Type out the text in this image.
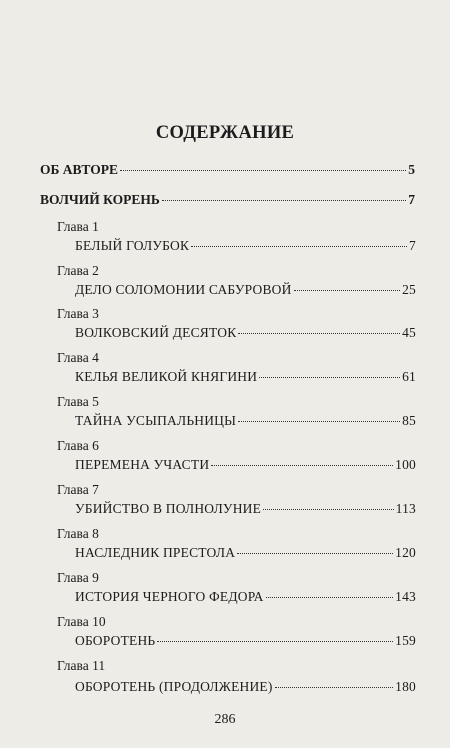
СОДЕРЖАНИЕ
ОБ АВТОРЕ	5
ВОЛЧИЙ КОРЕНЬ	7
Глава 1
БЕЛЫЙ ГОЛУБОК	7
Глава 2
ДЕЛО СОЛОМОНИИ САБУРОВОЙ	25
Глава 3
ВОЛКОВСКИЙ ДЕСЯТОК	45
Глава 4
КЕЛЬЯ ВЕЛИКОЙ КНЯГИНИ	61
Глава 5
ТАЙНА УСЫПАЛЬНИЦЫ	85
Глава 6
ПЕРЕМЕНА УЧАСТИ	100
Глава 7
УБИЙСТВО В ПОЛНОЛУНИЕ	113
Глава 8
НАСЛЕДНИК ПРЕСТОЛА	120
Глава 9
ИСТОРИЯ ЧЕРНОГО ФЕДОРА	143
Глава 10
ОБОРОТЕНЬ	159
Глава 11
ОБОРОТЕНЬ (ПРОДОЛЖЕНИЕ)	180
286
